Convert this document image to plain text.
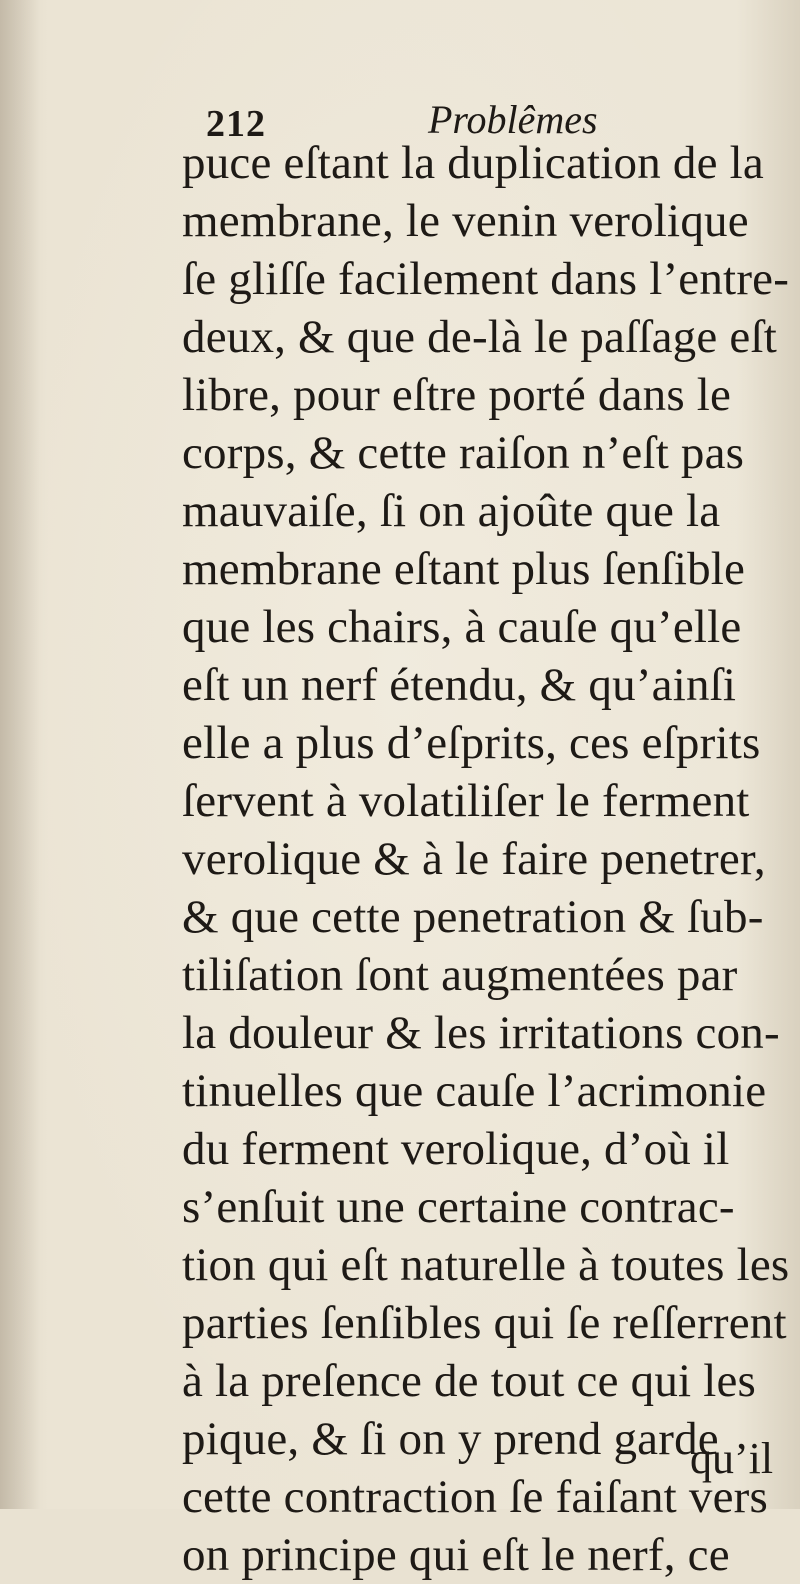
212	Problêmes
puce eſtant la duplication de la
membrane, le venin verolique
ſe gliſſe facilement dans l’entre-
deux, & que de-là le paſſage eſt
libre, pour eſtre porté dans le
corps, & cette raiſon n’eſt pas
mauvaiſe, ſi on ajoûte que la
membrane eſtant plus ſenſible
que les chairs, à cauſe qu’elle
eſt un nerf étendu, & qu’ainſi
elle a plus d’eſprits, ces eſprits
ſervent à volatiliſer le ferment
verolique & à le faire penetrer,
& que cette penetration & ſub-
tiliſation ſont augmentées par
la douleur & les irritations con-
tinuelles que cauſe l’acrimonie
du ferment verolique, d’où il
s’enſuit une certaine contrac-
tion qui eſt naturelle à toutes les
parties ſenſibles qui ſe reſſerrent
à la preſence de tout ce qui les
pique, & ſi on y prend garde
cette contraction ſe faiſant vers
on principe qui eſt le nerf, ce
qu’il
